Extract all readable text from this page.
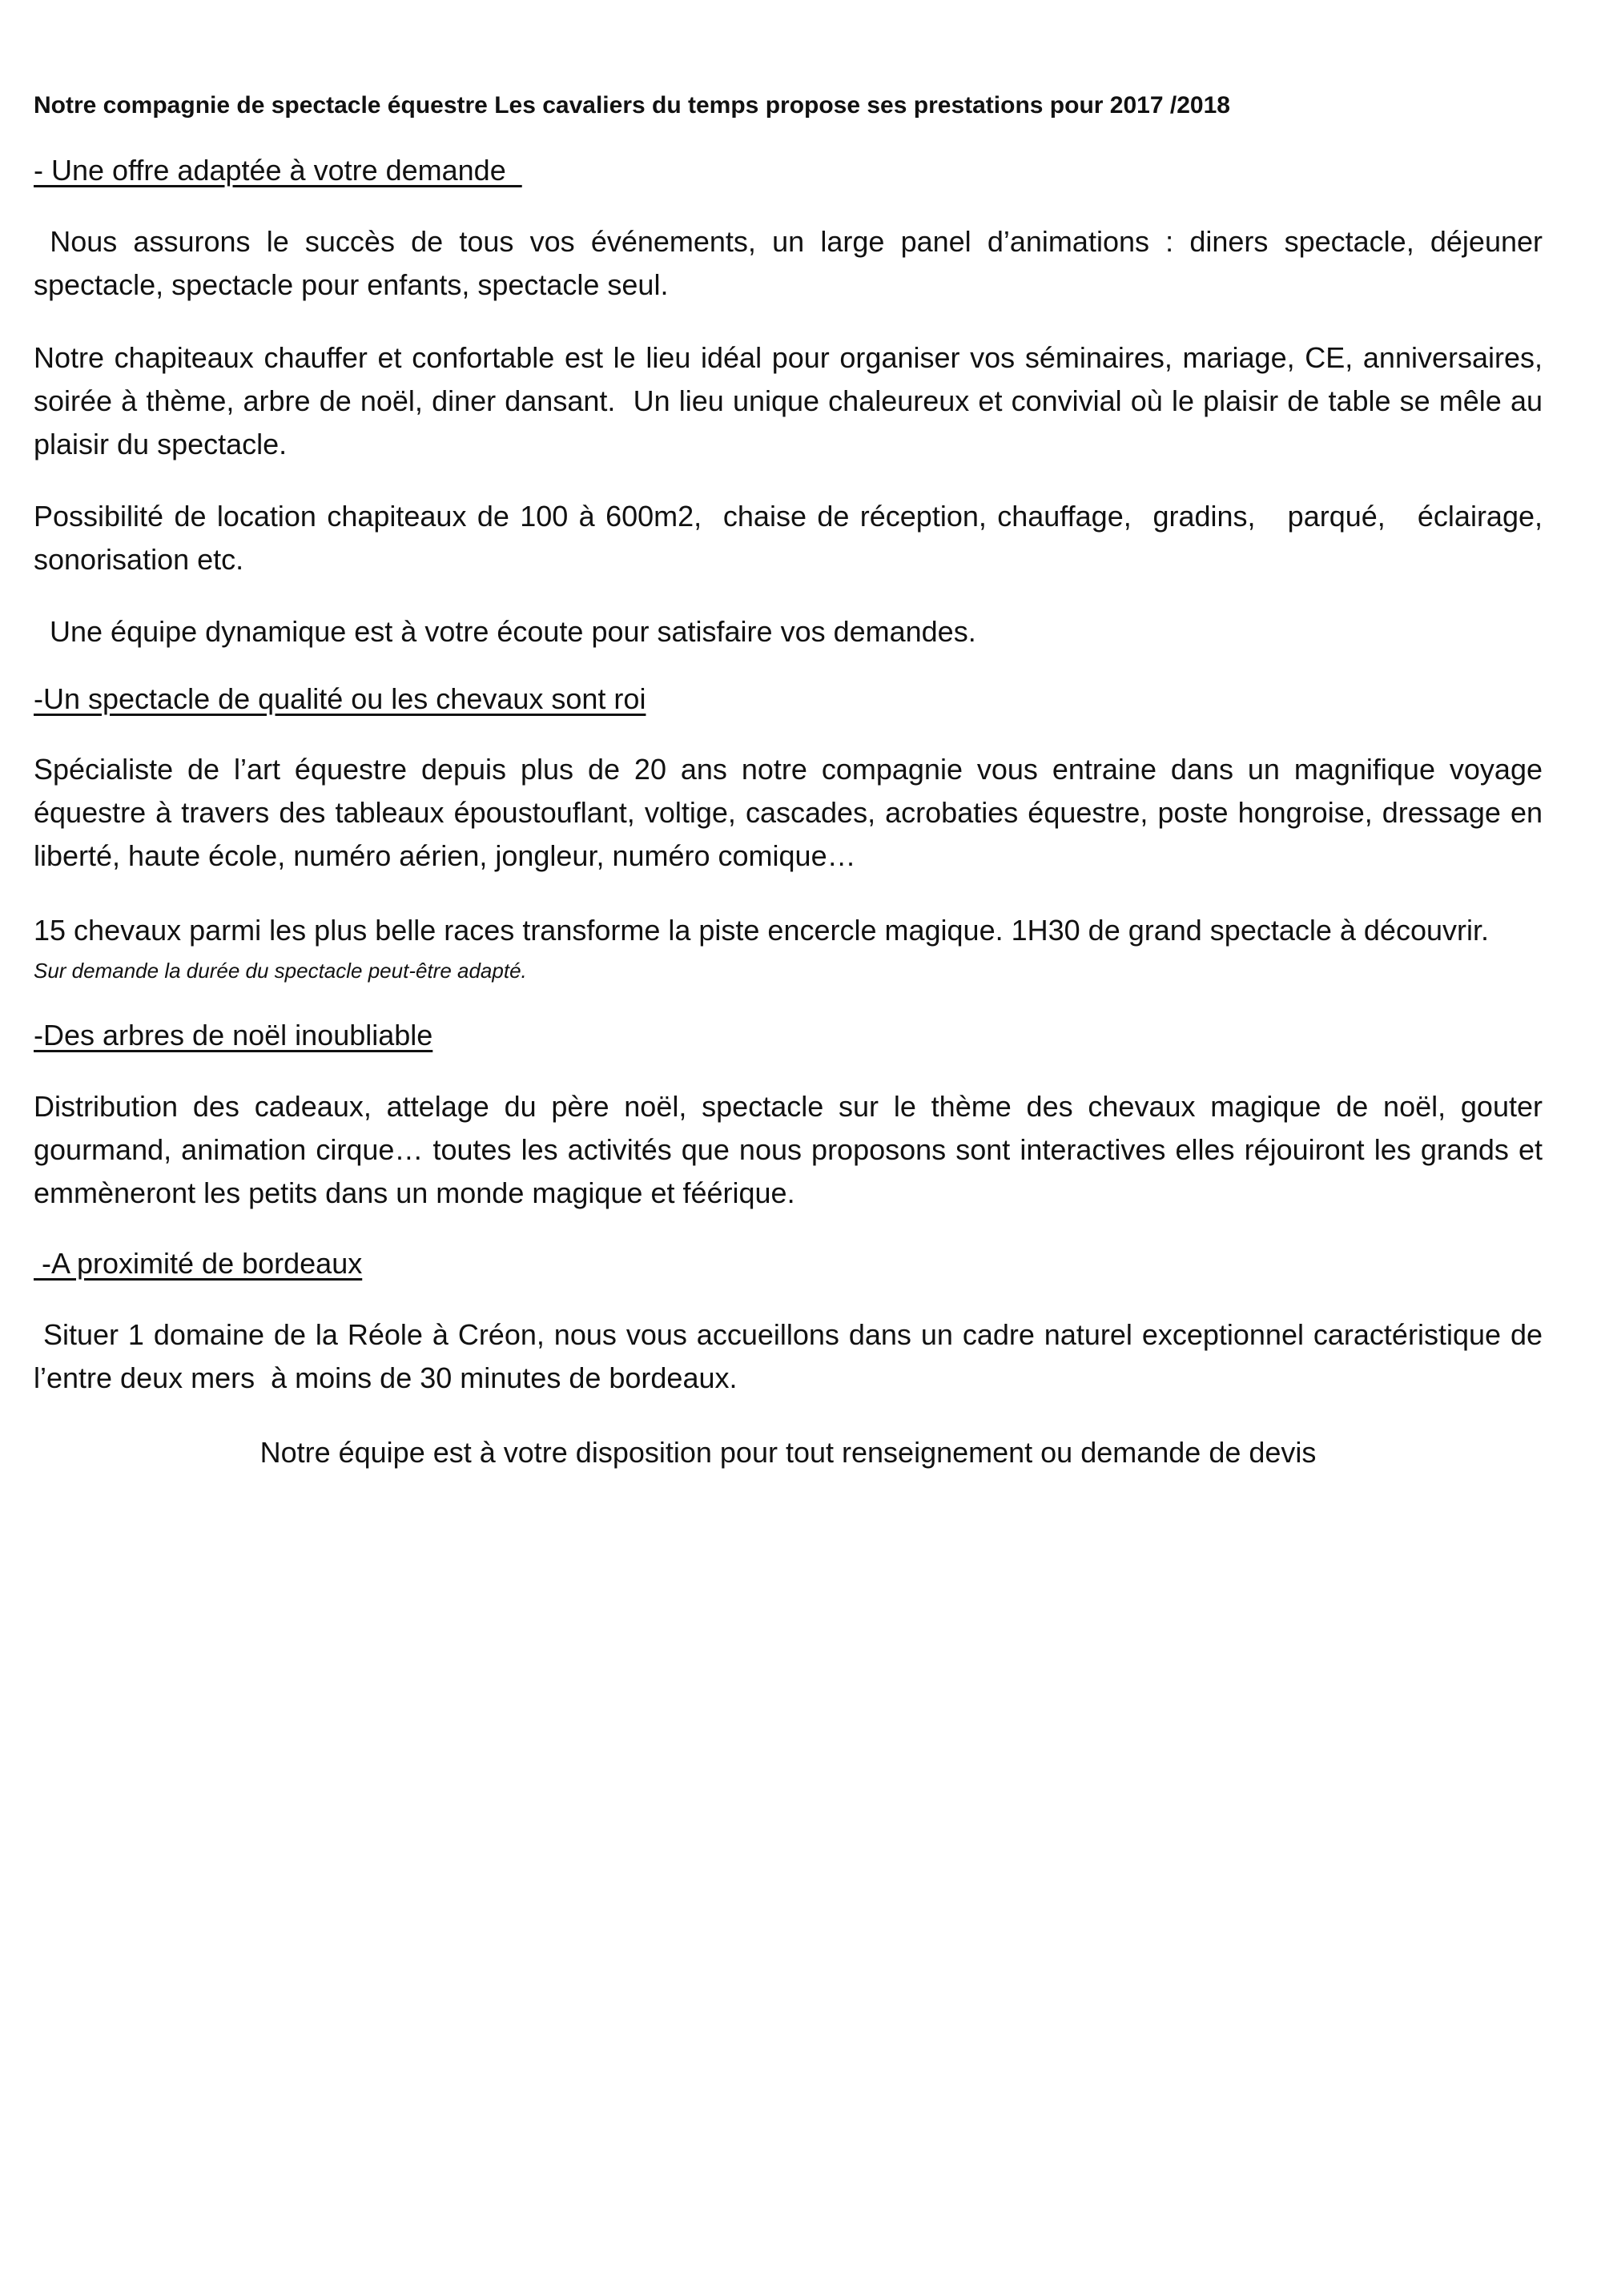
Notre compagnie de spectacle équestre Les cavaliers du temps propose ses prestations pour 2017 /2018
- Une offre adaptée à votre demande
Nous assurons le succès de tous vos événements, un large panel d’animations : diners spectacle, déjeuner spectacle, spectacle pour enfants, spectacle seul.
Notre chapiteaux chauffer et confortable est le lieu idéal pour organiser vos séminaires, mariage, CE, anniversaires, soirée à thème, arbre de noël, diner dansant.  Un lieu unique chaleureux et convivial où le plaisir de table se mêle au plaisir du spectacle.
Possibilité de location chapiteaux de 100 à 600m2,  chaise de réception, chauffage,  gradins,   parqué,   éclairage, sonorisation etc.
Une équipe dynamique est à votre écoute pour satisfaire vos demandes.
-Un spectacle de qualité ou les chevaux sont roi
Spécialiste de l’art équestre depuis plus de 20 ans notre compagnie vous entraine dans un magnifique voyage équestre à travers des tableaux époustouflant, voltige, cascades, acrobaties équestre, poste hongroise, dressage en liberté, haute école, numéro aérien, jongleur, numéro comique…
15 chevaux parmi les plus belle races transforme la piste encercle magique. 1H30 de grand spectacle à découvrir.
Sur demande la durée du spectacle peut-être adapté.
-Des arbres de noël inoubliable
Distribution des cadeaux, attelage du père noël, spectacle sur le thème des chevaux magique de noël, gouter gourmand, animation cirque… toutes les activités que nous proposons sont interactives elles réjouiront les grands et emmèneront les petits dans un monde magique et féérique.
-A proximité de bordeaux
Situer 1 domaine de la Réole à Créon, nous vous accueillons dans un cadre naturel exceptionnel caractéristique de l’entre deux mers  à moins de 30 minutes de bordeaux.
Notre équipe est à votre disposition pour tout renseignement ou demande de devis
